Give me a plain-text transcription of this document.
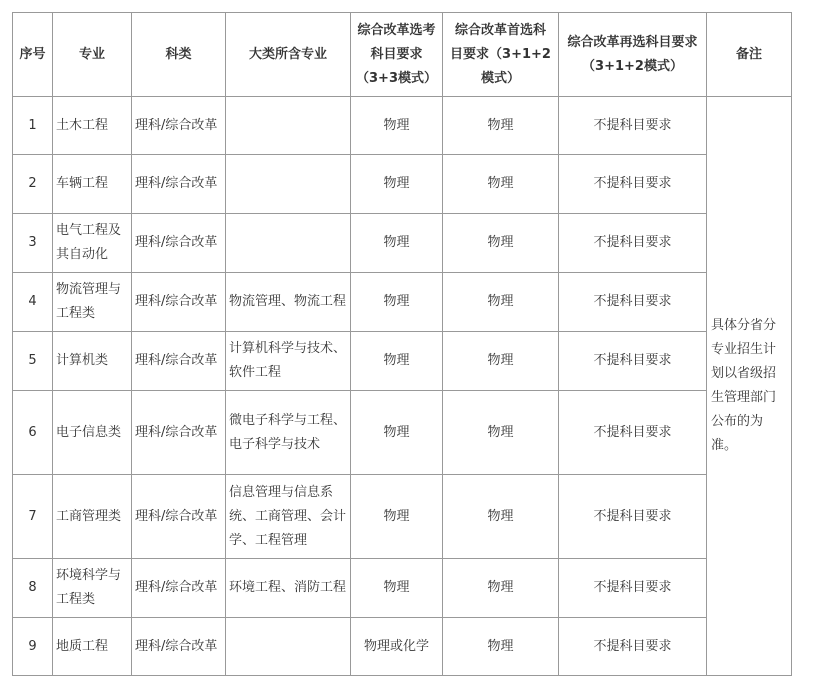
序号	专业	科类	大类所含专业	综合改革选考科目要求（3+3模式）	综合改革首选科目要求（3+1+2模式）	综合改革再选科目要求（3+1+2模式）	备注
1	土木工程	理科/综合改革		物理	物理	不提科目要求	具体分省分专业招生计划以省级招生管理部门公布的为准。
2	车辆工程	理科/综合改革		物理	物理	不提科目要求	
3	电气工程及其自动化	理科/综合改革		物理	物理	不提科目要求	
4	物流管理与工程类	理科/综合改革	物流管理、物流工程	物理	物理	不提科目要求	
5	计算机类	理科/综合改革	计算机科学与技术、软件工程	物理	物理	不提科目要求	
6	电子信息类	理科/综合改革	微电子科学与工程、电子科学与技术	物理	物理	不提科目要求	
7	工商管理类	理科/综合改革	信息管理与信息系统、工商管理、会计学、工程管理	物理	物理	不提科目要求	
8	环境科学与工程类	理科/综合改革	环境工程、消防工程	物理	物理	不提科目要求	
9	地质工程	理科/综合改革		物理或化学	物理	不提科目要求	
